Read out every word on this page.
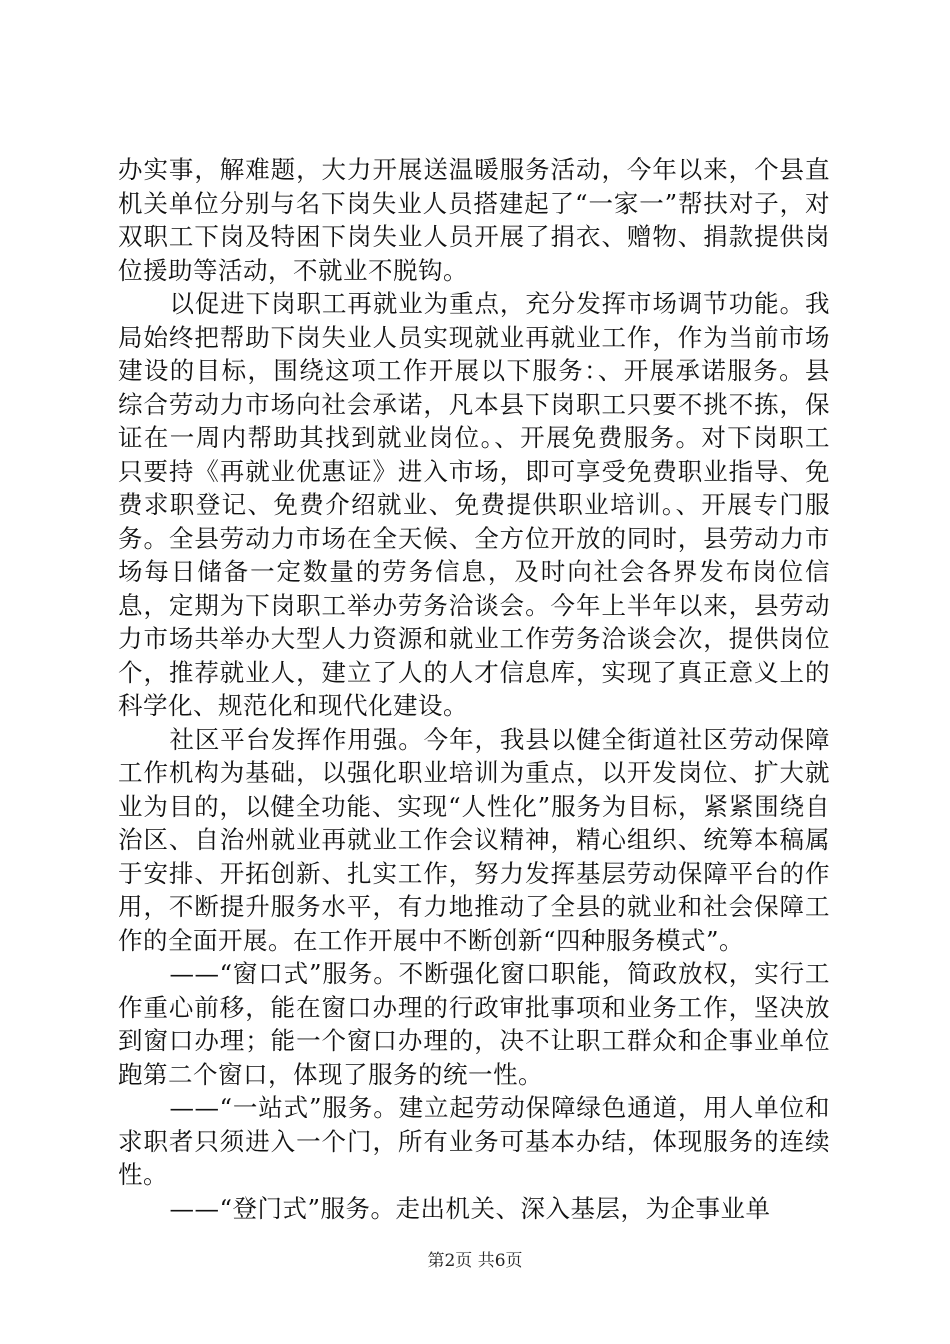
办实事，解难题，大力开展送温暖服务活动，今年以来，个县直机关单位分别与名下岗失业人员搭建起了“一家一”帮扶对子，对双职工下岗及特困下岗失业人员开展了捐衣、赠物、捐款提供岗位援助等活动，不就业不脱钩。

以促进下岗职工再就业为重点，充分发挥市场调节功能。我局始终把帮助下岗失业人员实现就业再就业工作，作为当前市场建设的目标，围绕这项工作开展以下服务：、开展承诺服务。县综合劳动力市场向社会承诺，凡本县下岗职工只要不挑不拣，保证在一周内帮助其找到就业岗位。、开展免费服务。对下岗职工只要持《再就业优惠证》进入市场，即可享受免费职业指导、免费求职登记、免费介绍就业、免费提供职业培训。、开展专门服务。全县劳动力市场在全天候、全方位开放的同时，县劳动力市场每日储备一定数量的劳务信息，及时向社会各界发布岗位信息，定期为下岗职工举办劳务洽谈会。今年上半年以来，县劳动力市场共举办大型人力资源和就业工作劳务洽谈会次，提供岗位个，推荐就业人，建立了人的人才信息库，实现了真正意义上的科学化、规范化和现代化建设。

社区平台发挥作用强。今年，我县以健全街道社区劳动保障工作机构为基础，以强化职业培训为重点，以开发岗位、扩大就业为目的，以健全功能、实现“人性化”服务为目标，紧紧围绕自治区、自治州就业再就业工作会议精神，精心组织、统筹本稿属于安排、开拓创新、扎实工作，努力发挥基层劳动保障平台的作用，不断提升服务水平，有力地推动了全县的就业和社会保障工作的全面开展。在工作开展中不断创新“四种服务模式”。

——“窗口式”服务。不断强化窗口职能，简政放权，实行工作重心前移，能在窗口办理的行政审批事项和业务工作，坚决放到窗口办理；能一个窗口办理的，决不让职工群众和企事业单位跑第二个窗口，体现了服务的统一性。

——“一站式”服务。建立起劳动保障绿色通道，用人单位和求职者只须进入一个门，所有业务可基本办结，体现服务的连续性。

——“登门式”服务。走出机关、深入基层，为企事业单

第2页 共6页
